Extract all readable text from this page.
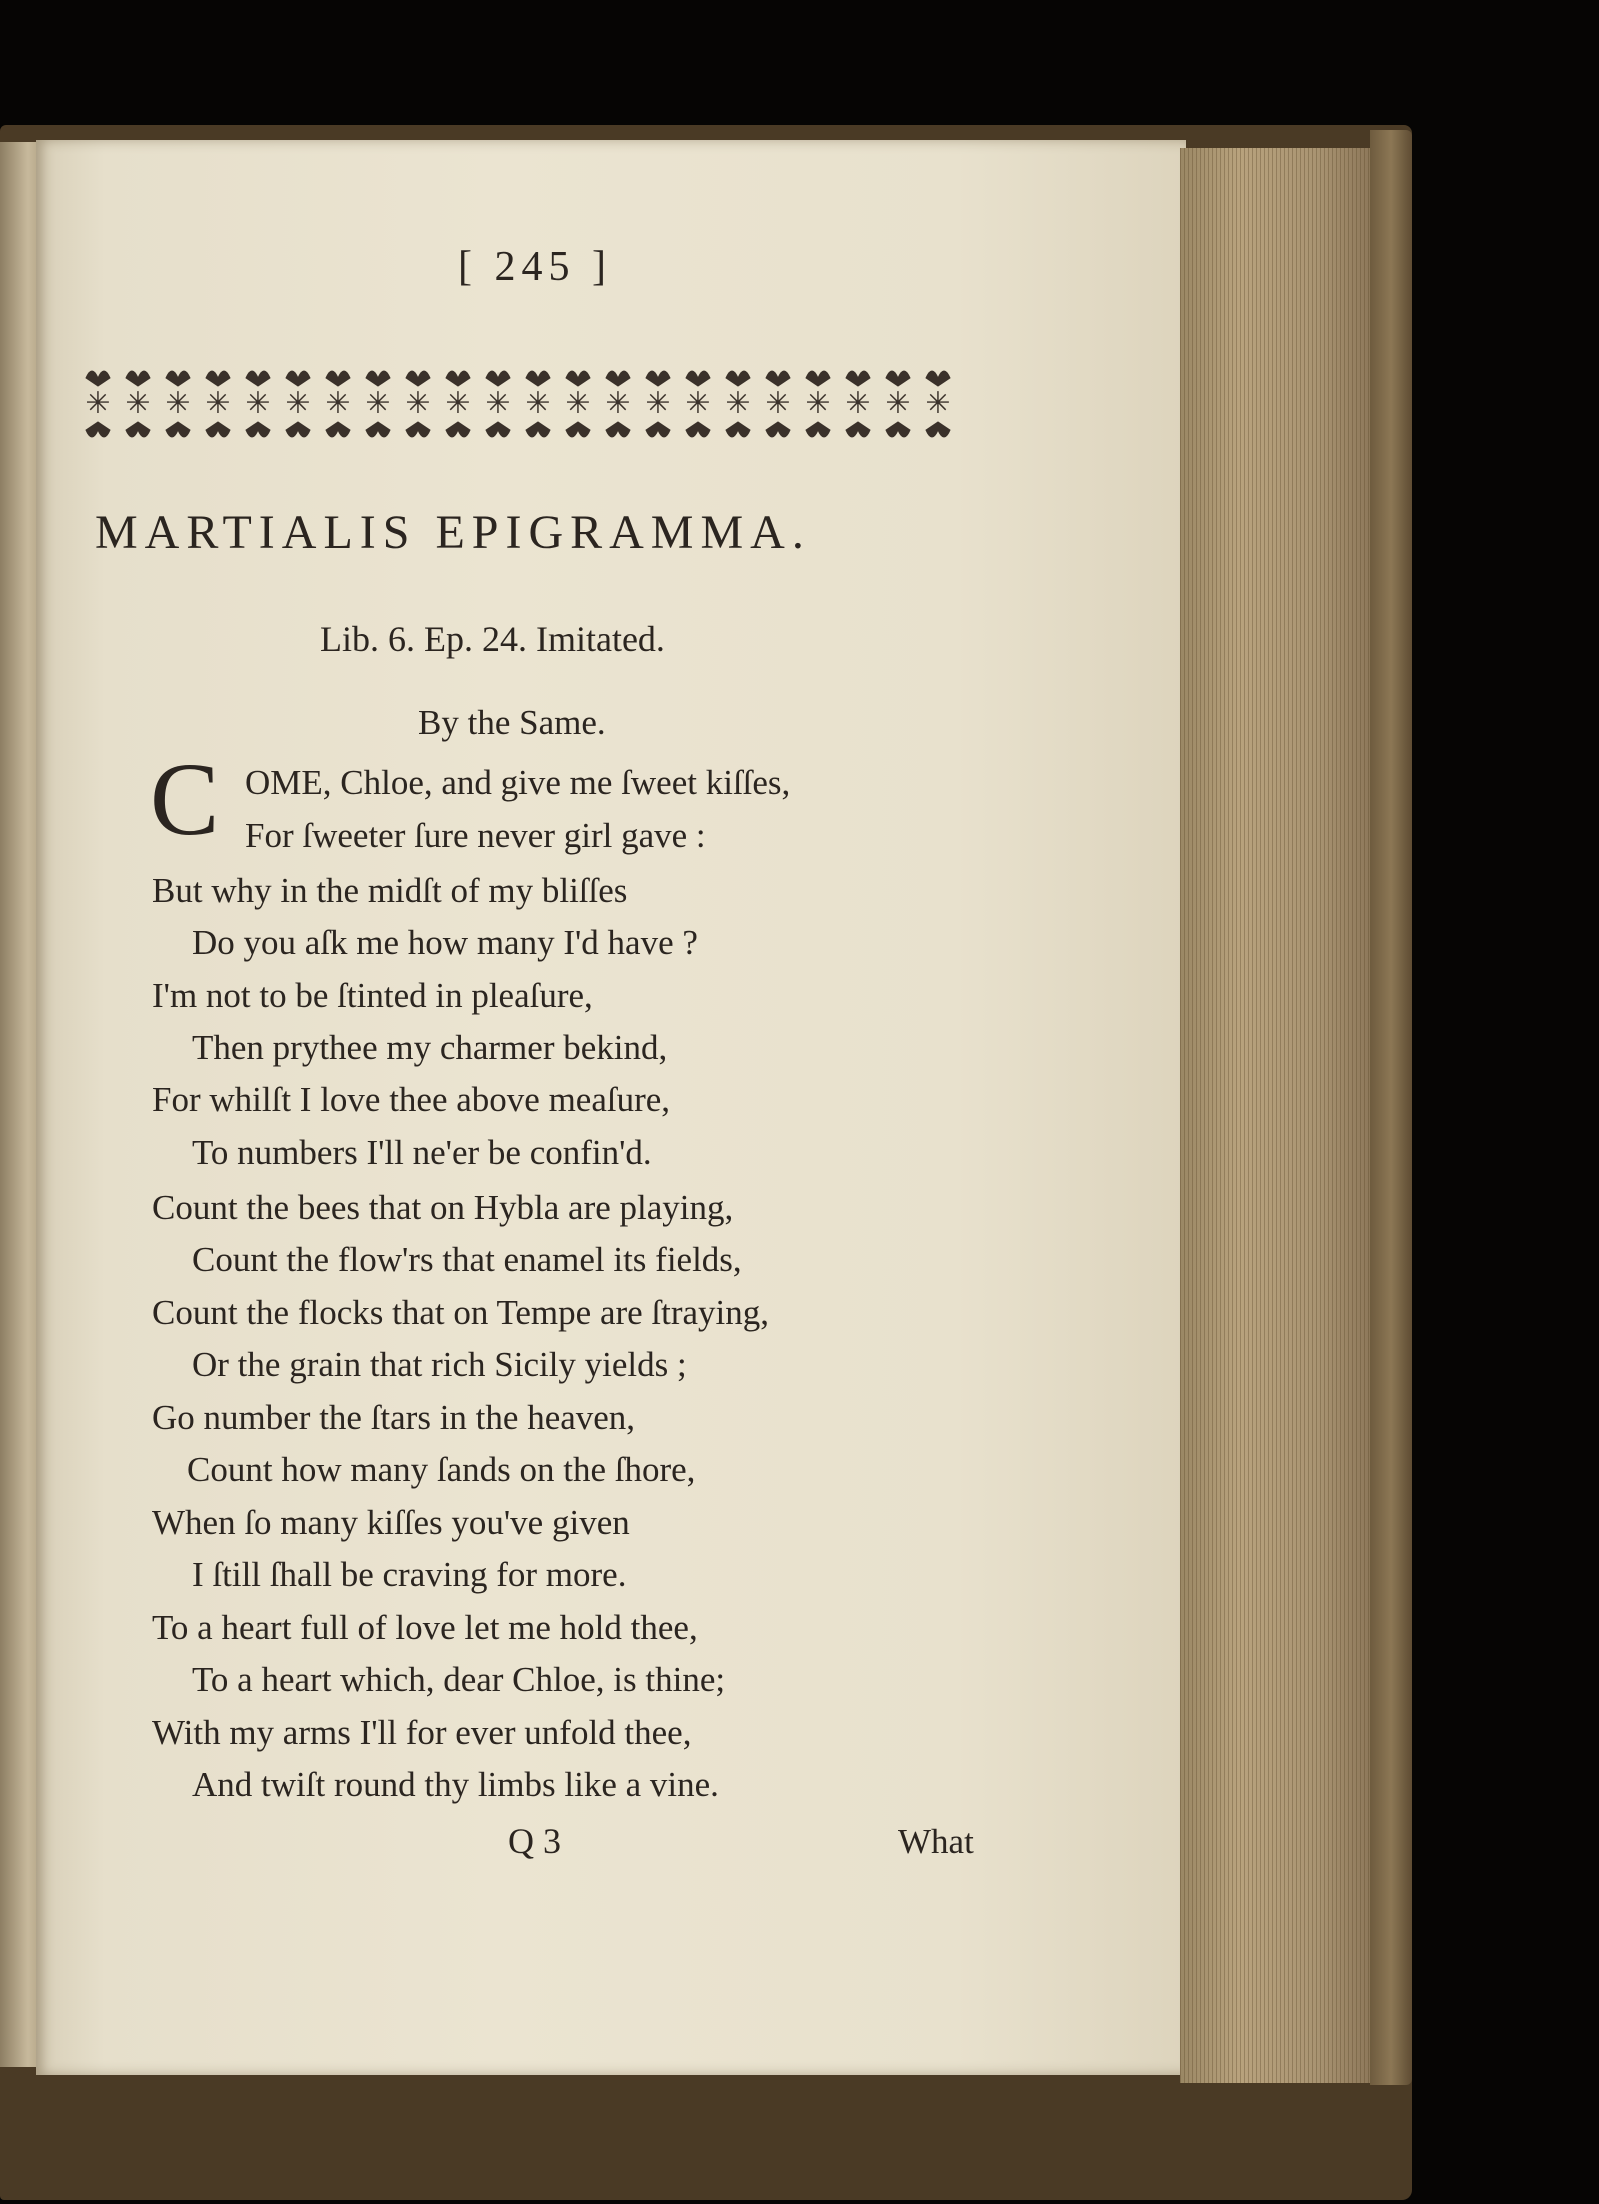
[ 245 ]
✳ ✳ ✳ ✳ ✳ ✳ ✳ ✳ ✳ ✳ ✳ ✳ ✳ ✳ ✳ ✳ ✳ ✳ ✳ ✳ ✳ ✳
MARTIALIS EPIGRAMMA.
Lib. 6. Ep. 24. Imitated.
By the Same.
C OME, Chloe, and give me ſweet kiſſes,
For ſweeter ſure never girl gave :
But why in the midſt of my bliſſes
Do you aſk me how many I'd have ?
I'm not to be ſtinted in pleaſure,
Then prythee my charmer bekind,
For whilſt I love thee above meaſure,
To numbers I'll ne'er be confin'd.
Count the bees that on Hybla are playing,
Count the flow'rs that enamel its fields,
Count the flocks that on Tempe are ſtraying,
Or the grain that rich Sicily yields ;
Go number the ſtars in the heaven,
Count how many ſands on the ſhore,
When ſo many kiſſes you've given
I ſtill ſhall be craving for more.
To a heart full of love let me hold thee,
To a heart which, dear Chloe, is thine;
With my arms I'll for ever unfold thee,
And twiſt round thy limbs like a vine.
Q 3	What
